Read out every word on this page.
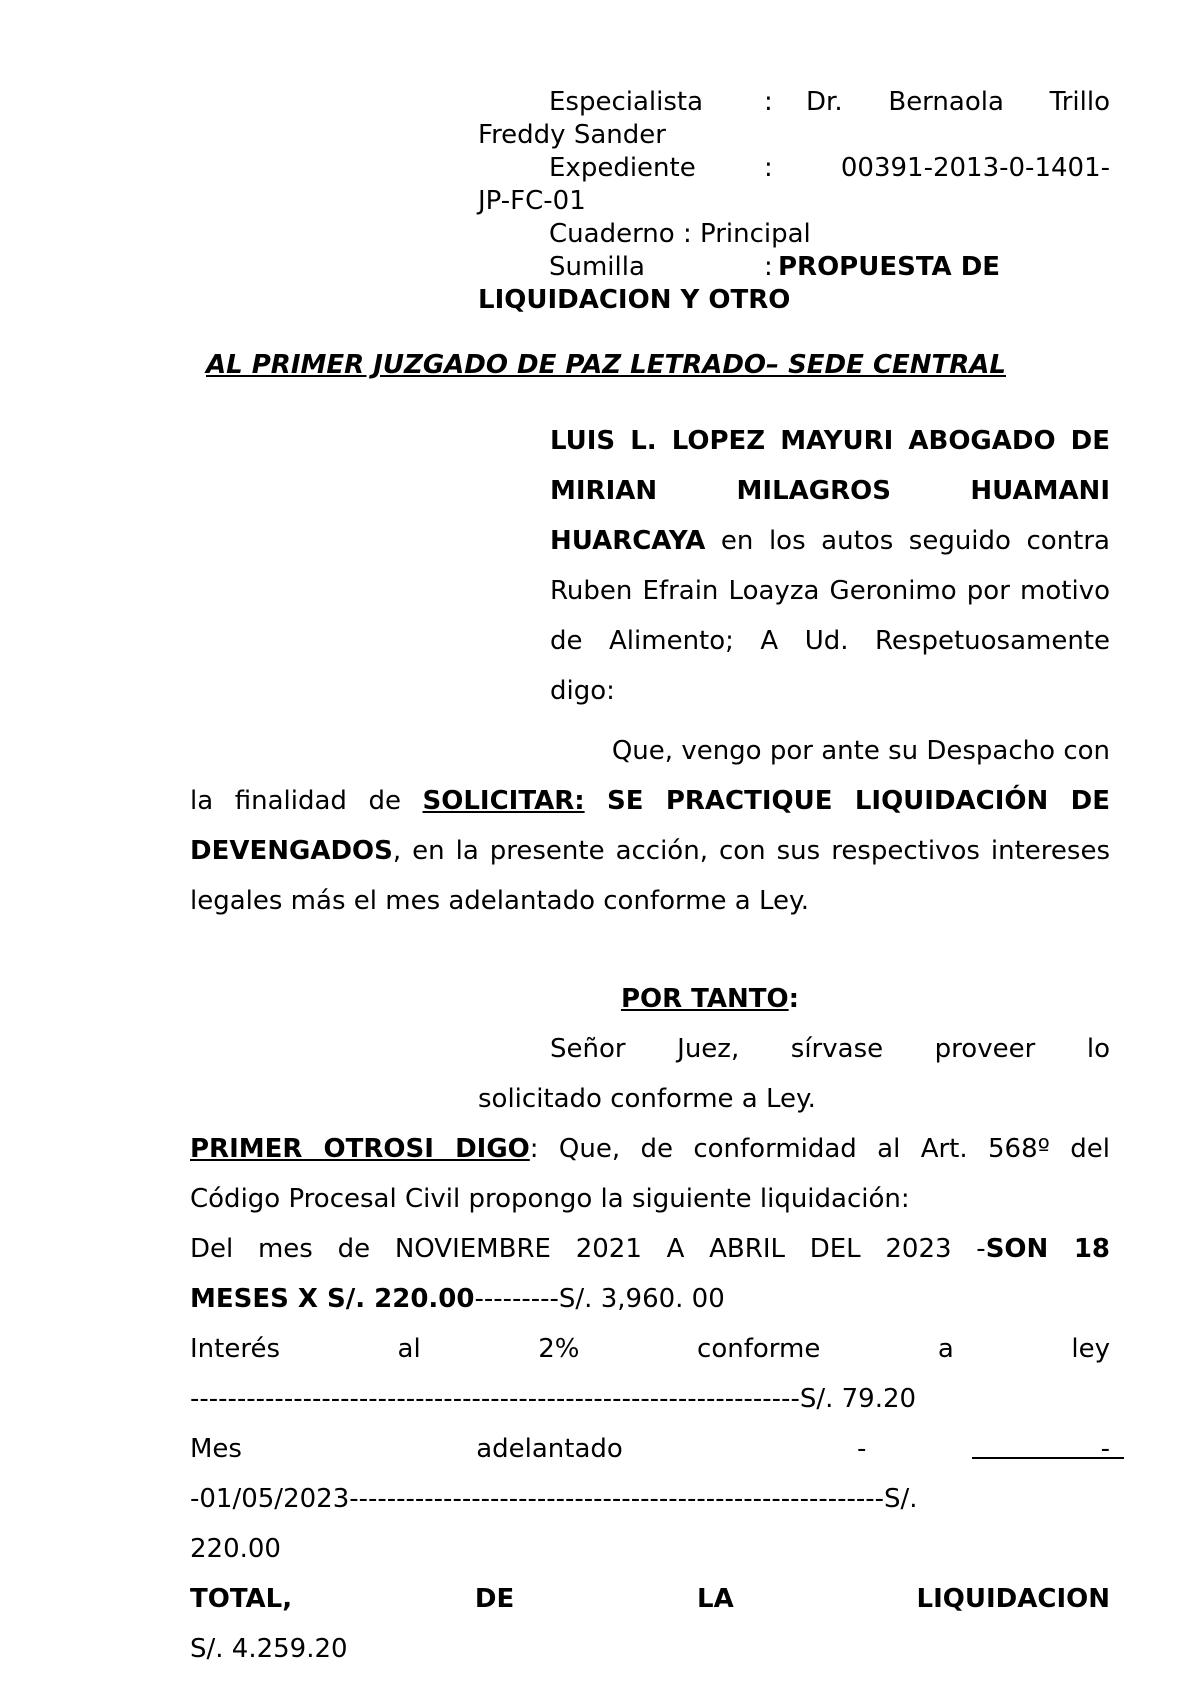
Especialista	:	Dr. Bernaola Trillo
Freddy Sander
Expediente	:	00391-2013-0-1401-
JP-FC-01
Cuaderno : Principal
Sumilla	: PROPUESTA DE
LIQUIDACION Y OTRO
AL PRIMER JUZGADO DE PAZ LETRADO– SEDE CENTRAL
LUIS L. LOPEZ MAYURI ABOGADO DE MIRIAN MILAGROS HUAMANI HUARCAYA en los autos seguido contra Ruben Efrain Loayza Geronimo por motivo de Alimento; A Ud. Respetuosamente digo:
Que, vengo por ante su Despacho con
la finalidad de SOLICITAR: SE PRACTIQUE LIQUIDACIÓN DE DEVENGADOS, en la presente acción, con sus respectivos intereses legales más el mes adelantado conforme a Ley.
POR TANTO:
Señor Juez, sírvase proveer lo
solicitado conforme a Ley.
PRIMER OTROSI DIGO: Que, de conformidad al Art. 568º del
Código Procesal Civil propongo la siguiente liquidación:
Del mes de NOVIEMBRE 2021 A ABRIL DEL 2023 -SON 18
MESES X S/. 220.00---------S/. 3,960. 00
Interés al 2% conforme a ley
-----------------------------------------------------------------S/. 79.20
Mes adelantado - -
-01/05/2023---------------------------------------------------------S/.
220.00
TOTAL, DE LA LIQUIDACION
S/. 4.259.20
